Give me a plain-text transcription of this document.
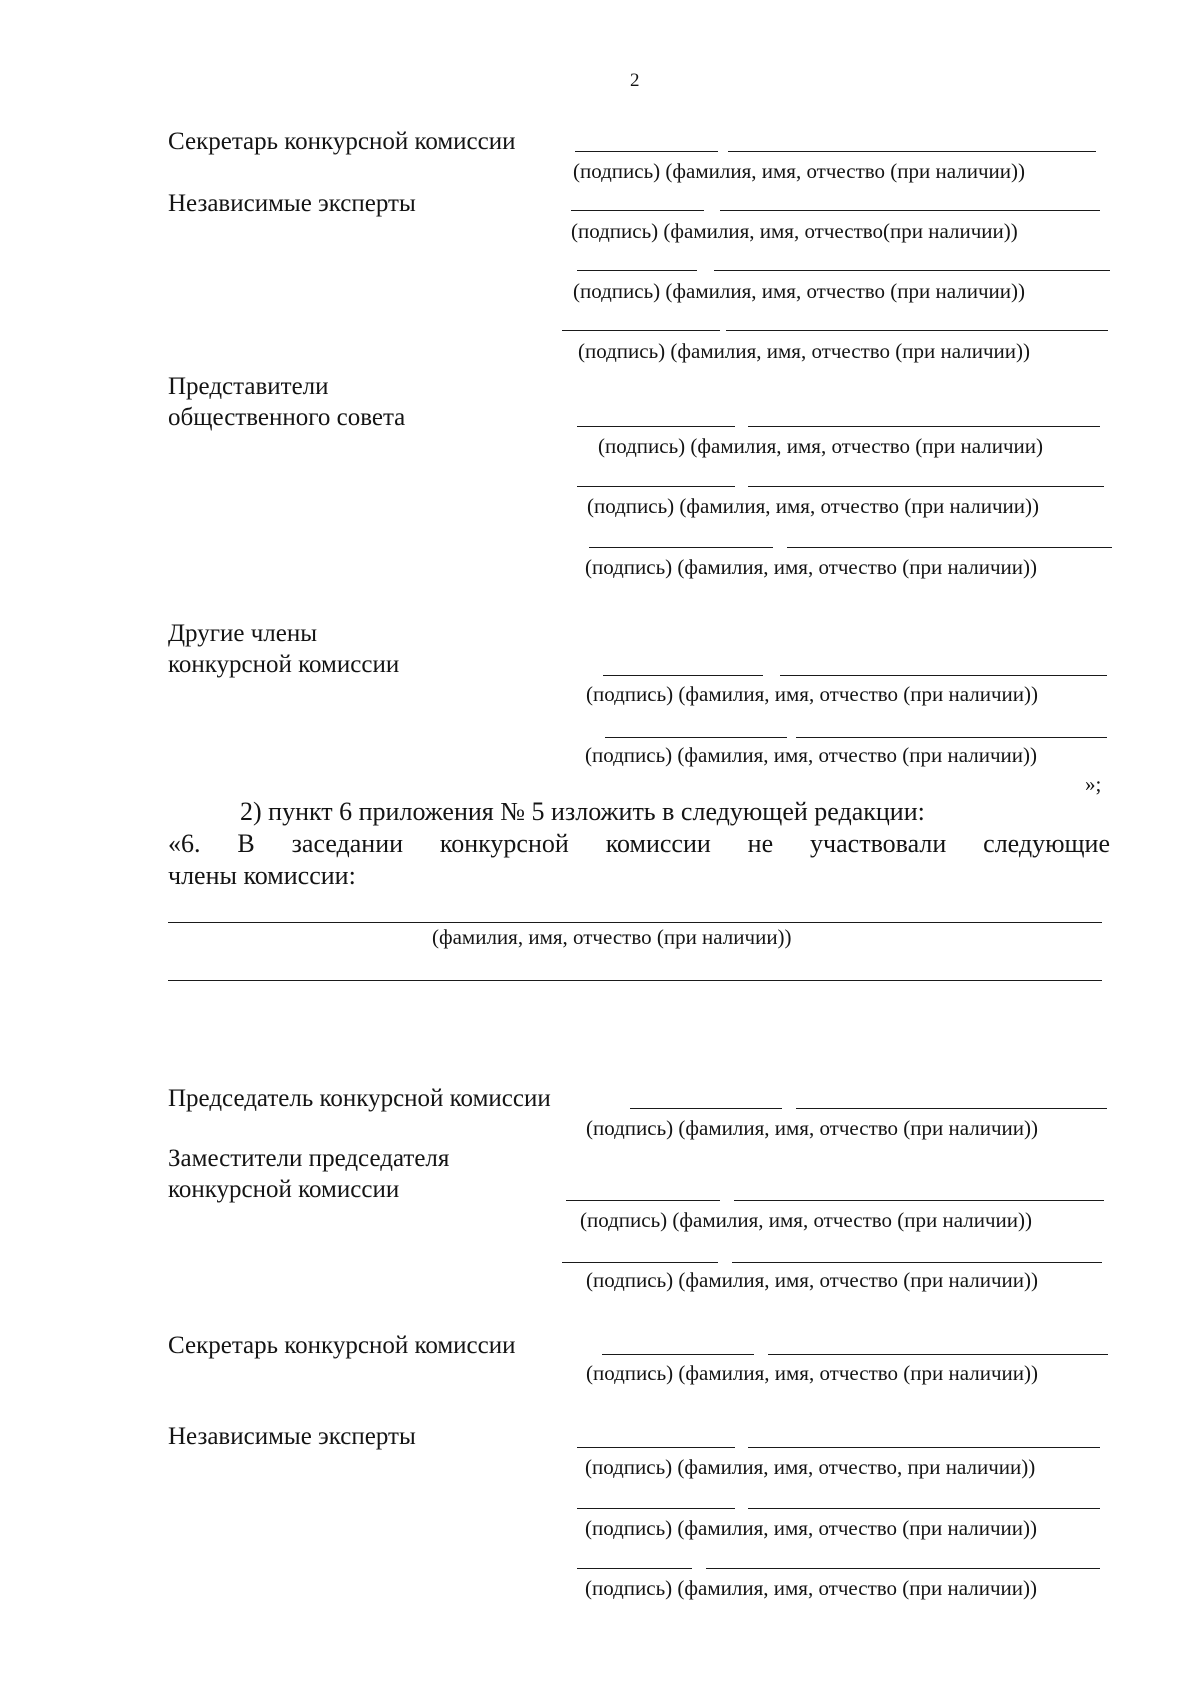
2
Секретарь конкурсной комиссии
(подпись) (фамилия, имя, отчество (при наличии))
Независимые эксперты
(подпись) (фамилия, имя, отчество(при наличии))
(подпись) (фамилия, имя, отчество (при наличии))
(подпись) (фамилия, имя, отчество (при наличии))
Представители
общественного совета
(подпись) (фамилия, имя, отчество (при наличии)
(подпись) (фамилия, имя, отчество (при наличии))
(подпись) (фамилия, имя, отчество (при наличии))
Другие члены
конкурсной комиссии
(подпись) (фамилия, имя, отчество (при наличии))
(подпись) (фамилия, имя, отчество (при наличии))
»;
2) пункт 6 приложения № 5 изложить в следующей редакции:
«6. В заседании конкурсной комиссии не участвовали следующие
члены комиссии:
(фамилия, имя, отчество (при наличии))
Председатель конкурсной комиссии
(подпись) (фамилия, имя, отчество (при наличии))
Заместители председателя
конкурсной комиссии
(подпись) (фамилия, имя, отчество (при наличии))
(подпись) (фамилия, имя, отчество (при наличии))
Секретарь конкурсной комиссии
(подпись) (фамилия, имя, отчество (при наличии))
Независимые эксперты
(подпись) (фамилия, имя, отчество, при наличии))
(подпись) (фамилия, имя, отчество (при наличии))
(подпись) (фамилия, имя, отчество (при наличии))
